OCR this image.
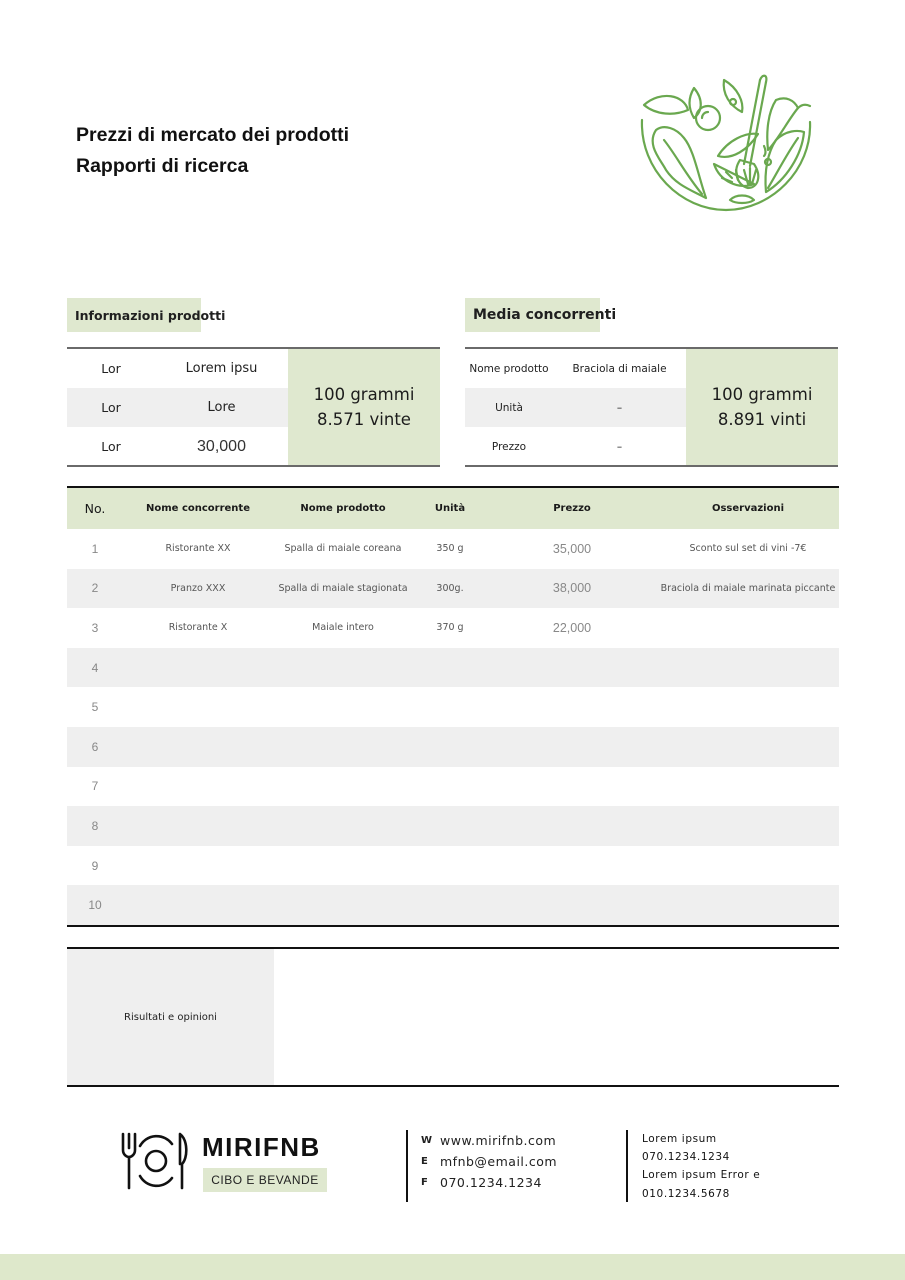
Prezzi di mercato dei prodotti
Rapporti di ricerca
Informazioni prodotti	Media concorrenti
Lor	Lorem ipsu
Lor	Lore
Lor	30,000
100 grammi
8.571 vinte
Nome prodotto	Braciola di maiale
Unità	–
Prezzo	–
100 grammi
8.891 vinti
No.	Nome concorrente	Nome prodotto	Unità	Prezzo	Osservazioni
1	Ristorante XX	Spalla di maiale coreana	350 g	35,000	Sconto sul set di vini -7€
2	Pranzo XXX	Spalla di maiale stagionata	300g.	38,000	Braciola di maiale marinata piccante
3	Ristorante X	Maiale intero	370 g	22,000
4
5
6
7
8
9
10
Risultati e opinioni
MIRIFNB
CIBO E BEVANDE
W www.mirifnb.com
E mfnb@email.com
F 070.1234.1234
Lorem ipsum
070.1234.1234
Lorem ipsum Error e
010.1234.5678
